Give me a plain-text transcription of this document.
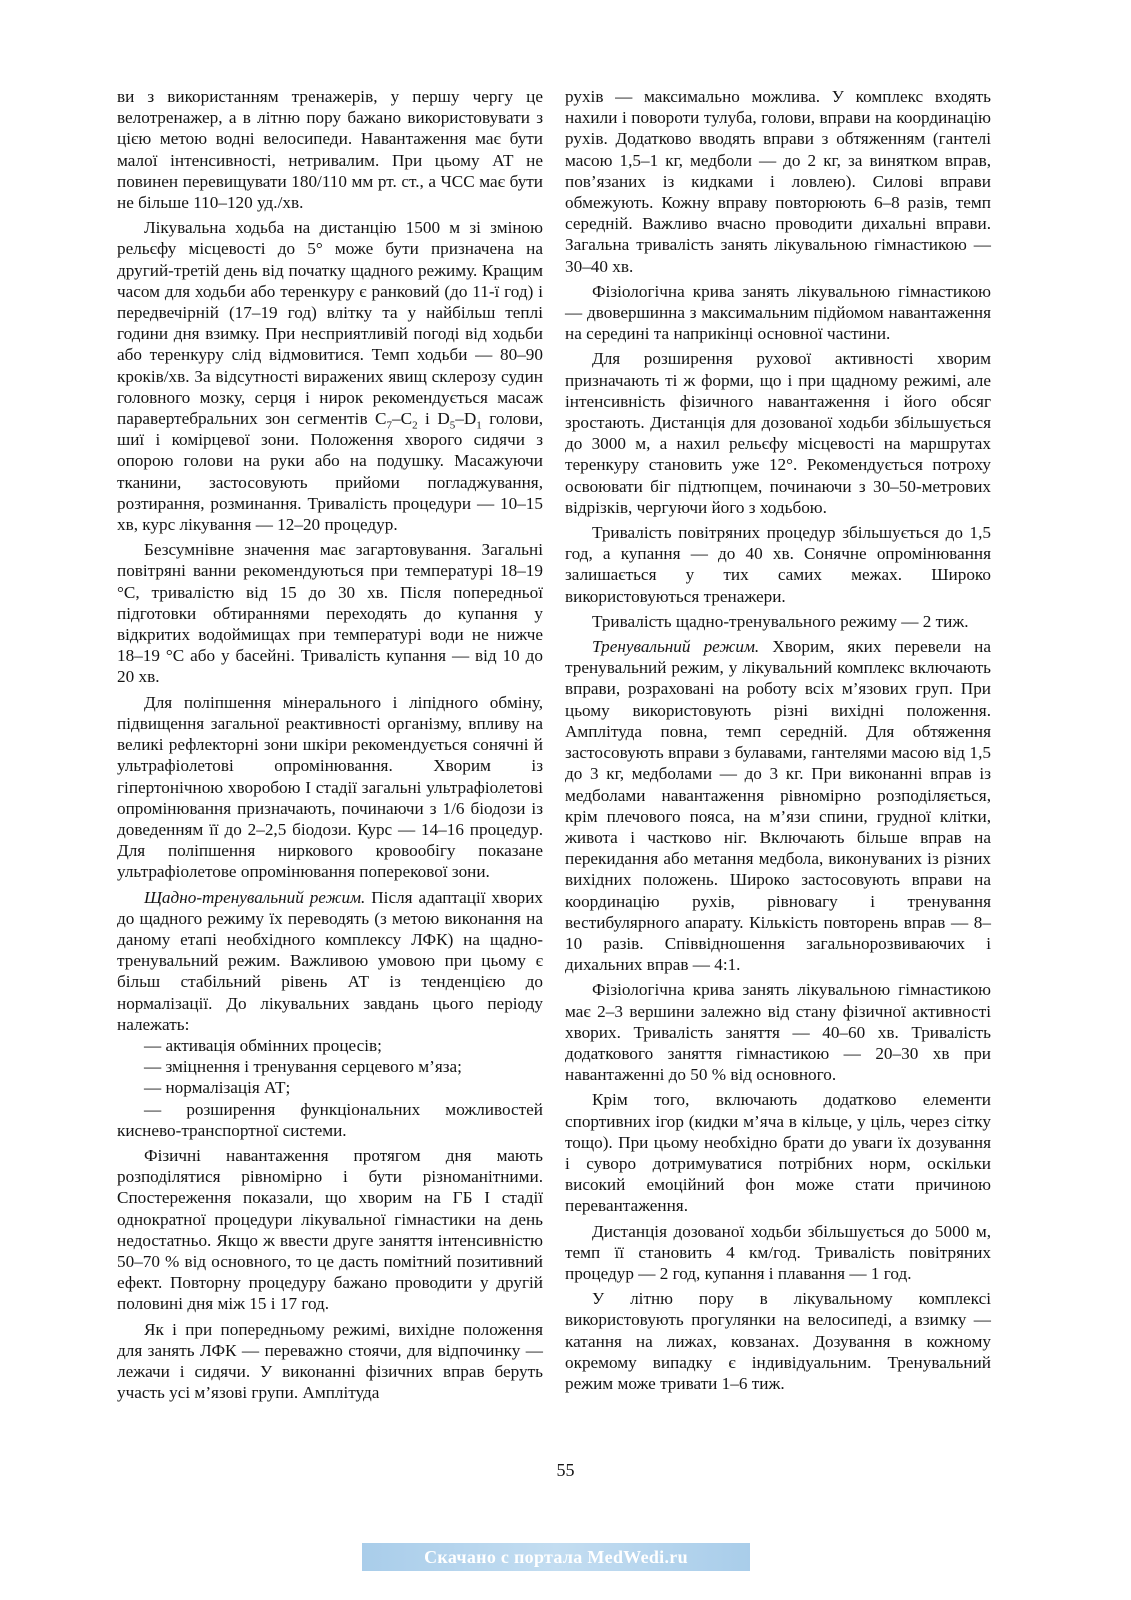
ви з використанням тренажерів, у першу чергу це велотренажер, а в літню пору бажано використовувати з цією метою водні велосипеди. Навантаження має бути малої інтенсивності, нетривалим. При цьому АТ не повинен перевищувати 180/110 мм рт. ст., а ЧСС має бути не більше 110–120 уд./хв.

Лікувальна ходьба на дистанцію 1500 м зі зміною рельєфу місцевості до 5° може бути призначена на другий-третій день від початку щадного режиму. Кращим часом для ходьби або теренкуру є ранковий (до 11-ї год) і передвечірній (17–19 год) влітку та у найбільш теплі години дня взимку. При несприятливій погоді від ходьби або теренкуру слід відмовитися. Темп ходьби — 80–90 кроків/хв. За відсутності виражених явищ склерозу судин головного мозку, серця і нирок рекомендується масаж паравертебральних зон сегментів $C_7-C_2$ і $D_5-D_1$ голови, шиї і комірцевої зони. Положення хворого сидячи з опорою голови на руки або на подушку. Масажуючи тканини, застосовують прийоми погладжування, розтирання, розминання. Тривалість процедури — 10–15 хв, курс лікування — 12–20 процедур.

Безсумнівне значення має загартовування. Загальні повітряні ванни рекомендуються при температурі 18–19 °С, тривалістю від 15 до 30 хв. Після попередньої підготовки обтираннями переходять до купання у відкритих водоймищах при температурі води не нижче 18–19 °С або у басейні. Тривалість купання — від 10 до 20 хв.

Для поліпшення мінерального і ліпідного обміну, підвищення загальної реактивності організму, впливу на великі рефлекторні зони шкіри рекомендується сонячні й ультрафіолетові опромінювання. Хворим із гіпертонічною хворобою І стадії загальні ультрафіолетові опромінювання призначають, починаючи з 1/6 біодози із доведенням її до 2–2,5 біодози. Курс — 14–16 процедур. Для поліпшення ниркового кровообігу показане ультрафіолетове опромінювання поперекової зони.

Щадно-тренувальний режим. Після адаптації хворих до щадного режиму їх переводять (з метою виконання на даному етапі необхідного комплексу ЛФК) на щадно-тренувальний режим. Важливою умовою при цьому є більш стабільний рівень АТ із тенденцією до нормалізації. До лікувальних завдань цього періоду належать:

— активація обмінних процесів;
— зміцнення і тренування серцевого м’яза;
— нормалізація АТ;
— розширення функціональних можливостей киснево-транспортної системи.

Фізичні навантаження протягом дня мають розподілятися рівномірно і бути різноманітними. Спостереження показали, що хворим на ГБ І стадії однократної процедури лікувальної гімнастики на день недостатньо. Якщо ж ввести друге заняття інтенсивністю 50–70 % від основного, то це дасть помітний позитивний ефект. Повторну процедуру бажано проводити у другій половині дня між 15 і 17 год.

Як і при попередньому режимі, вихідне положення для занять ЛФК — переважно стоячи, для відпочинку — лежачи і сидячи. У виконанні фізичних вправ беруть участь усі м’язові групи. Амплітуда

рухів — максимально можлива. У комплекс входять нахили і повороти тулуба, голови, вправи на координацію рухів. Додатково вводять вправи з обтяженням (гантелі масою 1,5–1 кг, медболи — до 2 кг, за винятком вправ, пов’язаних із кидками і ловлею). Силові вправи обмежують. Кожну вправу повторюють 6–8 разів, темп середній. Важливо вчасно проводити дихальні вправи. Загальна тривалість занять лікувальною гімнастикою — 30–40 хв.

Фізіологічна крива занять лікувальною гімнастикою — двовершинна з максимальним підйомом навантаження на середині та наприкінці основної частини.

Для розширення рухової активності хворим призначають ті ж форми, що і при щадному режимі, але інтенсивність фізичного навантаження і його обсяг зростають. Дистанція для дозованої ходьби збільшується до 3000 м, а нахил рельєфу місцевості на маршрутах теренкуру становить уже 12°. Рекомендується потроху освоювати біг підтюпцем, починаючи з 30–50-метрових відрізків, чергуючи його з ходьбою.

Тривалість повітряних процедур збільшується до 1,5 год, а купання — до 40 хв. Сонячне опромінювання залишається у тих самих межах. Широко використовуються тренажери.

Тривалість щадно-тренувального режиму — 2 тиж.

Тренувальний режим. Хворим, яких перевели на тренувальний режим, у лікувальний комплекс включають вправи, розраховані на роботу всіх м’язових груп. При цьому використовують різні вихідні положення. Амплітуда повна, темп середній. Для обтяження застосовують вправи з булавами, гантелями масою від 1,5 до 3 кг, медболами — до 3 кг. При виконанні вправ із медболами навантаження рівномірно розподіляється, крім плечового пояса, на м’язи спини, грудної клітки, живота і частково ніг. Включають більше вправ на перекидання або метання медбола, виконуваних із різних вихідних положень. Широко застосовують вправи на координацію рухів, рівновагу і тренування вестибулярного апарату. Кількість повторень вправ — 8–10 разів. Співвідношення загальнорозвиваючих і дихальних вправ — 4:1.

Фізіологічна крива занять лікувальною гімнастикою має 2–3 вершини залежно від стану фізичної активності хворих. Тривалість заняття — 40–60 хв. Тривалість додаткового заняття гімнастикою — 20–30 хв при навантаженні до 50 % від основного.

Крім того, включають додатково елементи спортивних ігор (кидки м’яча в кільце, у ціль, через сітку тощо). При цьому необхідно брати до уваги їх дозування і суворо дотримуватися потрібних норм, оскільки високий емоційний фон може стати причиною перевантаження.

Дистанція дозованої ходьби збільшується до 5000 м, темп її становить 4 км/год. Тривалість повітряних процедур — 2 год, купання і плавання — 1 год.

У літню пору в лікувальному комплексі використовують прогулянки на велосипеді, а взимку — катання на лижах, ковзанах. Дозування в кожному окремому випадку є індивідуальним. Тренувальний режим може тривати 1–6 тиж.

55
Скачано с портала MedWedi.ru
